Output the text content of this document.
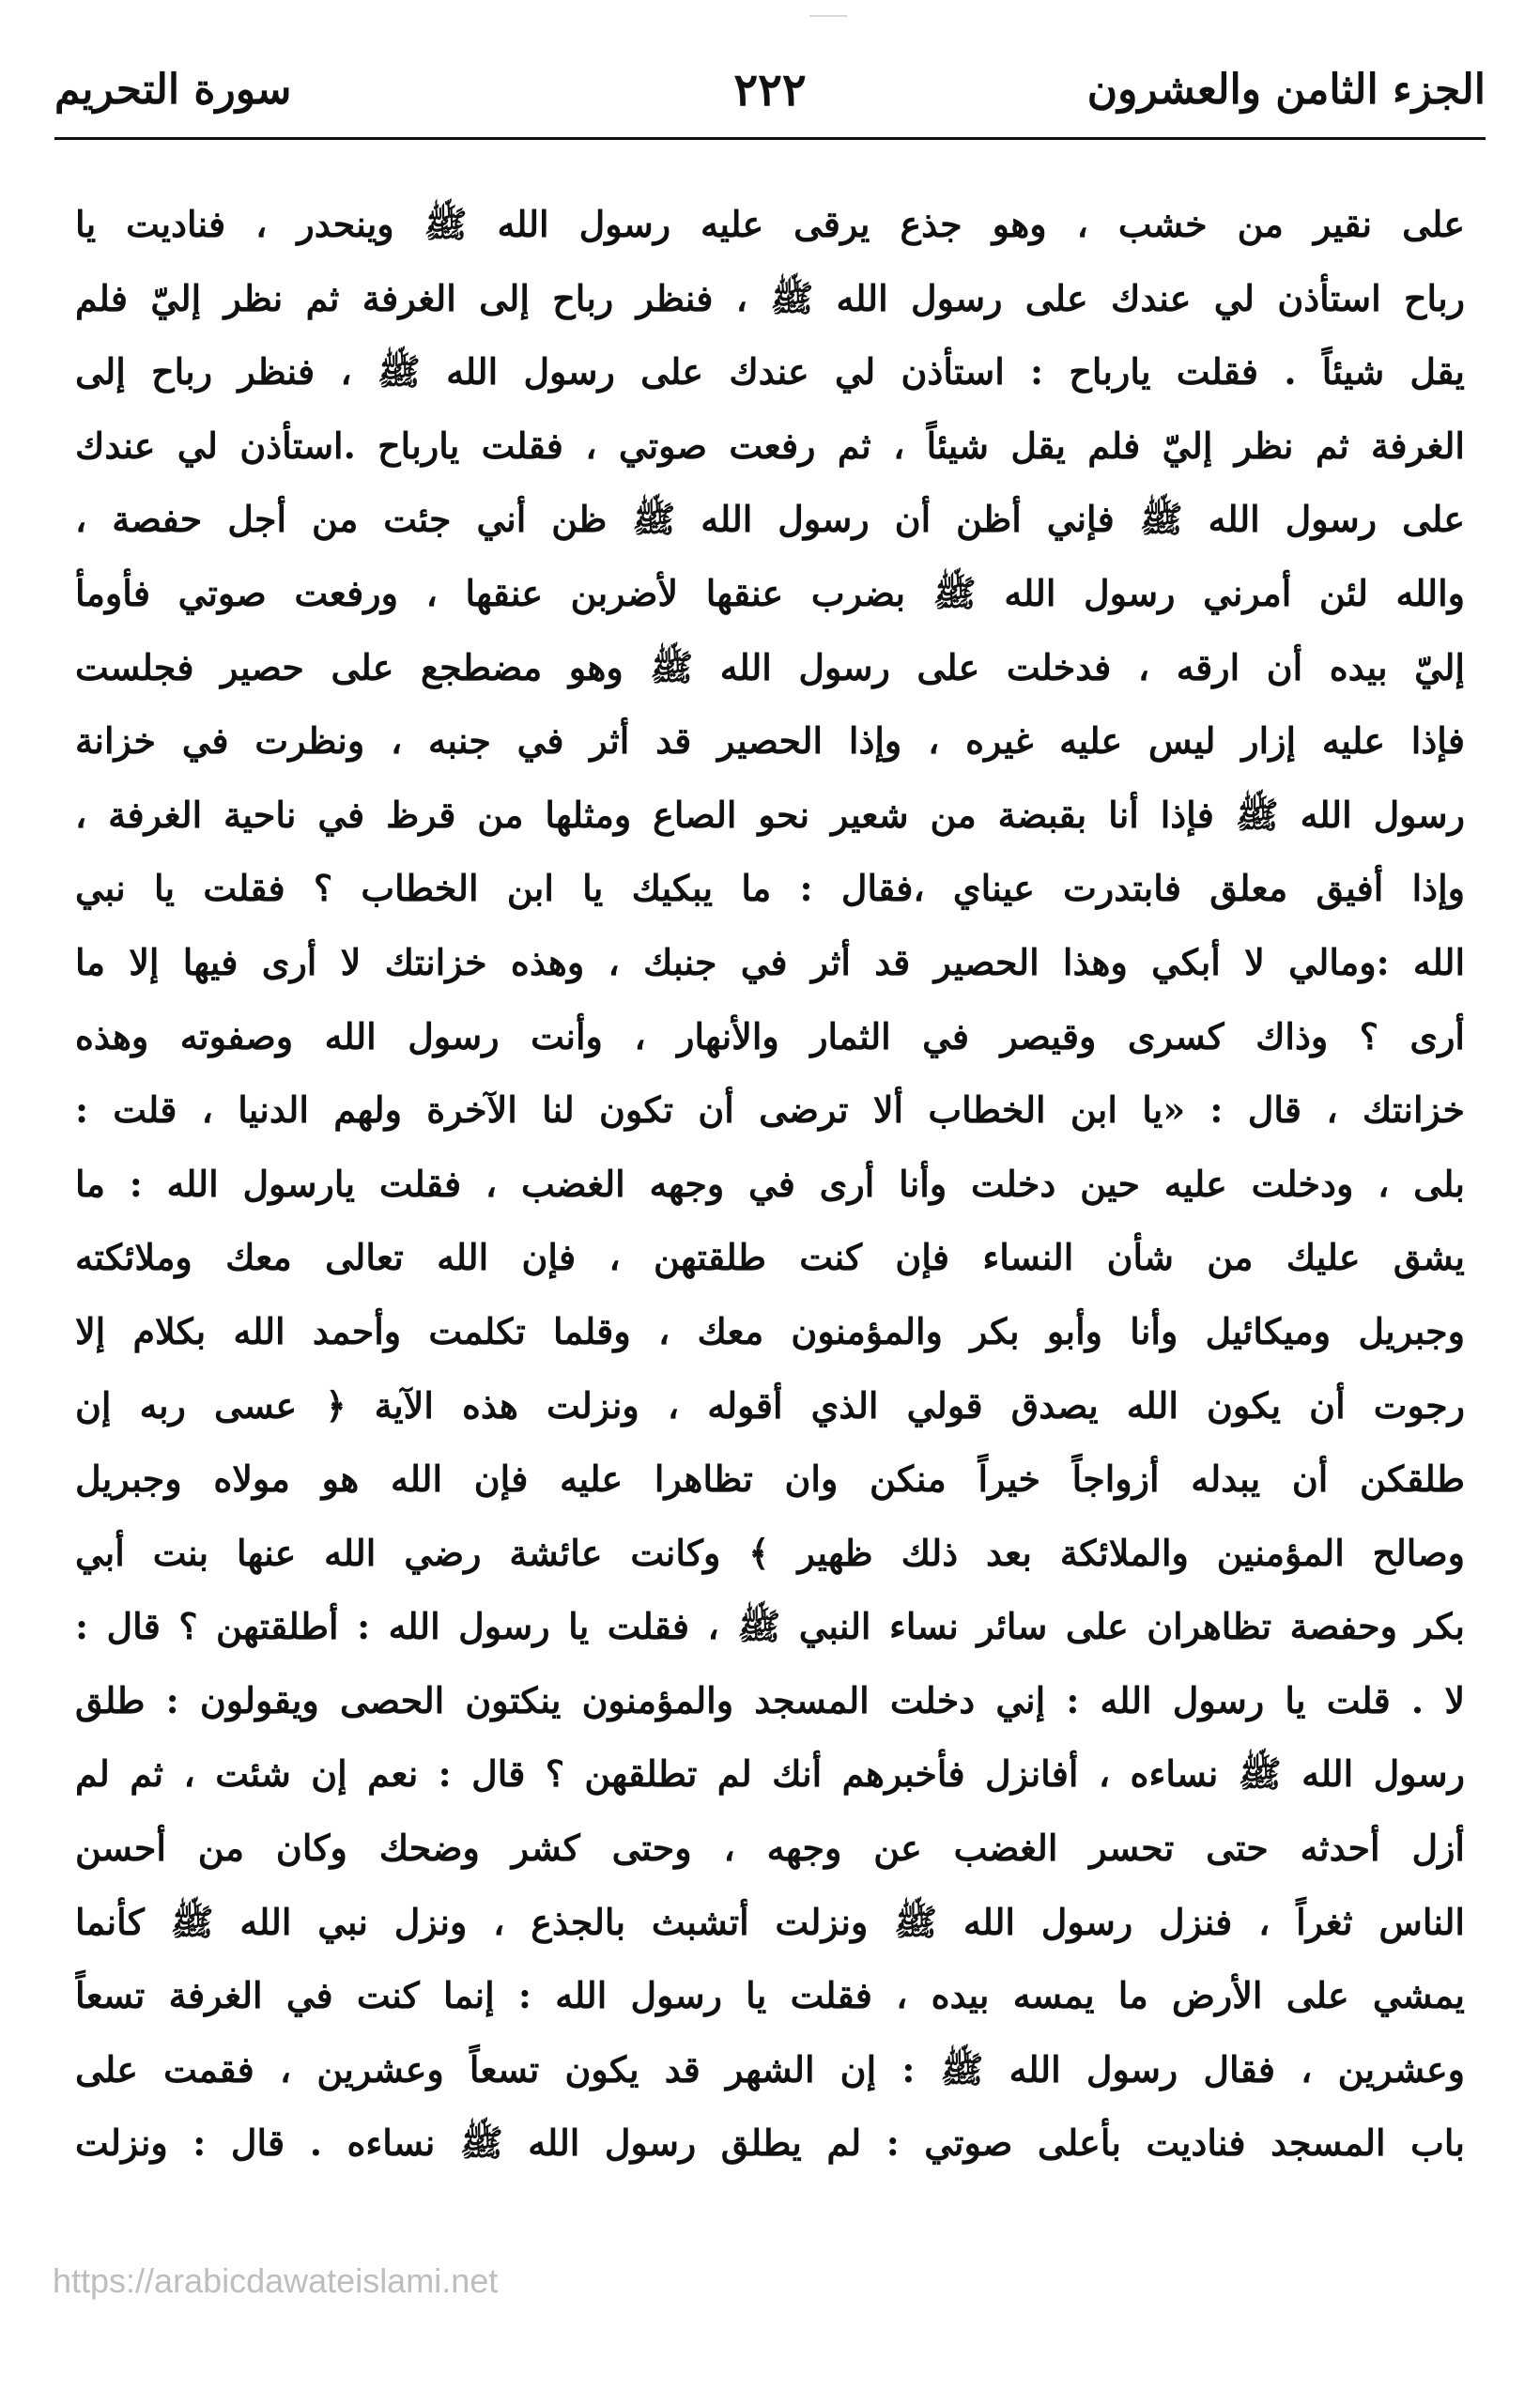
الجزء الثامن والعشرون
٢٢٢
سورة التحريم
على نقير من خشب ، وهو جذع يرقى عليه رسول الله ﷺ وينحدر ، فناديت يا
رباح استأذن لي عندك على رسول الله ﷺ ، فنظر رباح إلى الغرفة ثم نظر إليّ فلم
يقل شيئاً . فقلت يارباح : استأذن لي عندك على رسول الله ﷺ ، فنظر رباح إلى
الغرفة ثم نظر إليّ فلم يقل شيئاً ، ثم رفعت صوتي ، فقلت يارباح .استأذن لي عندك
على رسول الله ﷺ فإني أظن أن رسول الله ﷺ ظن أني جئت من أجل حفصة ،
والله لئن أمرني رسول الله ﷺ بضرب عنقها لأضربن عنقها ، ورفعت صوتي فأومأ
إليّ بيده أن ارقه ، فدخلت على رسول الله ﷺ وهو مضطجع على حصير فجلست
فإذا عليه إزار ليس عليه غيره ، وإذا الحصير قد أثر في جنبه ، ونظرت في خزانة
رسول الله ﷺ فإذا أنا بقبضة من شعير نحو الصاع ومثلها من قرظ في ناحية الغرفة ،
وإذا أفيق معلق فابتدرت عيناي ،فقال : ما يبكيك يا ابن الخطاب ؟ فقلت يا نبي
الله :ومالي لا أبكي وهذا الحصير قد أثر في جنبك ، وهذه خزانتك لا أرى فيها إلا ما
أرى ؟ وذاك كسرى وقيصر في الثمار والأنهار ، وأنت رسول الله وصفوته وهذه
خزانتك ، قال : «يا ابن الخطاب ألا ترضى أن تكون لنا الآخرة ولهم الدنيا ، قلت :
بلى ، ودخلت عليه حين دخلت وأنا أرى في وجهه الغضب ، فقلت يارسول الله : ما
يشق عليك من شأن النساء فإن كنت طلقتهن ، فإن الله تعالى معك وملائكته
وجبريل وميكائيل وأنا وأبو بكر والمؤمنون معك ، وقلما تكلمت وأحمد الله بكلام إلا
رجوت أن يكون الله يصدق قولي الذي أقوله ، ونزلت هذه الآية ﴿ عسى ربه إن
طلقكن أن يبدله أزواجاً خيراً منكن وان تظاهرا عليه فإن الله هو مولاه وجبريل
وصالح المؤمنين والملائكة بعد ذلك ظهير ﴾ وكانت عائشة رضي الله عنها بنت أبي
بكر وحفصة تظاهران على سائر نساء النبي ﷺ ، فقلت يا رسول الله : أطلقتهن ؟ قال :
لا . قلت يا رسول الله : إني دخلت المسجد والمؤمنون ينكتون الحصى ويقولون : طلق
رسول الله ﷺ نساءه ، أفانزل فأخبرهم أنك لم تطلقهن ؟ قال : نعم إن شئت ، ثم لم
أزل أحدثه حتى تحسر الغضب عن وجهه ، وحتى كشر وضحك وكان من أحسن
الناس ثغراً ، فنزل رسول الله ﷺ ونزلت أتشبث بالجذع ، ونزل نبي الله ﷺ كأنما
يمشي على الأرض ما يمسه بيده ، فقلت يا رسول الله : إنما كنت في الغرفة تسعاً
وعشرين ، فقال رسول الله ﷺ : إن الشهر قد يكون تسعاً وعشرين ، فقمت على
باب المسجد فناديت بأعلى صوتي : لم يطلق رسول الله ﷺ نساءه . قال : ونزلت
https://arabicdawateislami.net
